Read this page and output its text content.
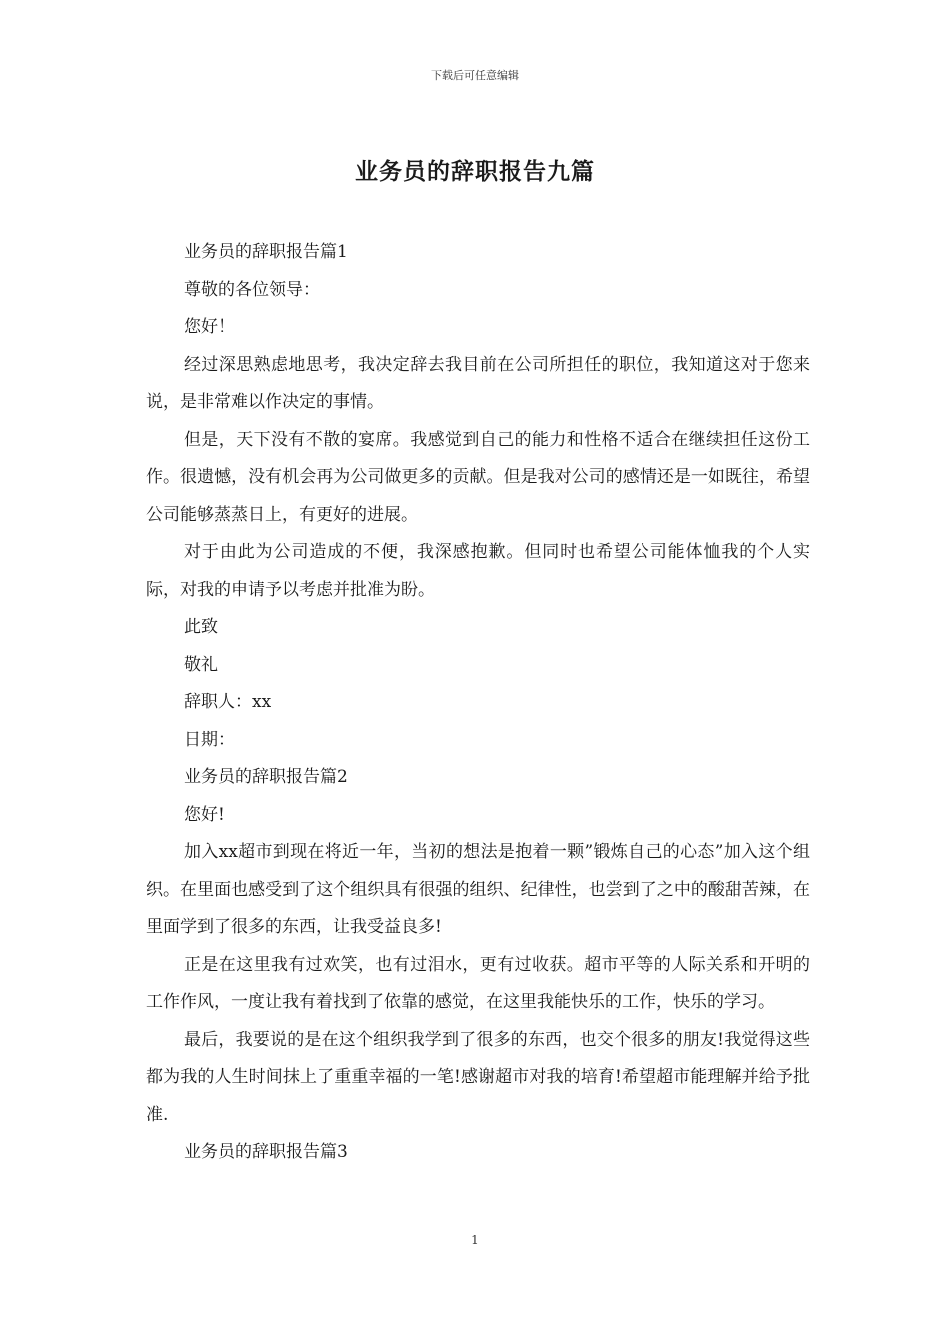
下载后可任意编辑
业务员的辞职报告九篇

业务员的辞职报告篇1

尊敬的各位领导：

您好！

经过深思熟虑地思考，我决定辞去我目前在公司所担任的职位，我知道这对于您来说，是非常难以作决定的事情。

但是，天下没有不散的宴席。我感觉到自己的能力和性格不适合在继续担任这份工作。很遗憾，没有机会再为公司做更多的贡献。但是我对公司的感情还是一如既往，希望公司能够蒸蒸日上，有更好的进展。

对于由此为公司造成的不便，我深感抱歉。但同时也希望公司能体恤我的个人实际，对我的申请予以考虑并批准为盼。

此致

敬礼

辞职人：xx

日期：

业务员的辞职报告篇2

您好!

加入xx超市到现在将近一年，当初的想法是抱着一颗”锻炼自己的心态”加入这个组织。在里面也感受到了这个组织具有很强的组织、纪律性，也尝到了之中的酸甜苦辣，在里面学到了很多的东西，让我受益良多!

正是在这里我有过欢笑，也有过泪水，更有过收获。超市平等的人际关系和开明的工作作风，一度让我有着找到了依靠的感觉，在这里我能快乐的工作，快乐的学习。

最后，我要说的是在这个组织我学到了很多的东西，也交个很多的朋友!我觉得这些都为我的人生时间抹上了重重幸福的一笔!感谢超市对我的培育!希望超市能理解并给予批准.

业务员的辞职报告篇3

1
